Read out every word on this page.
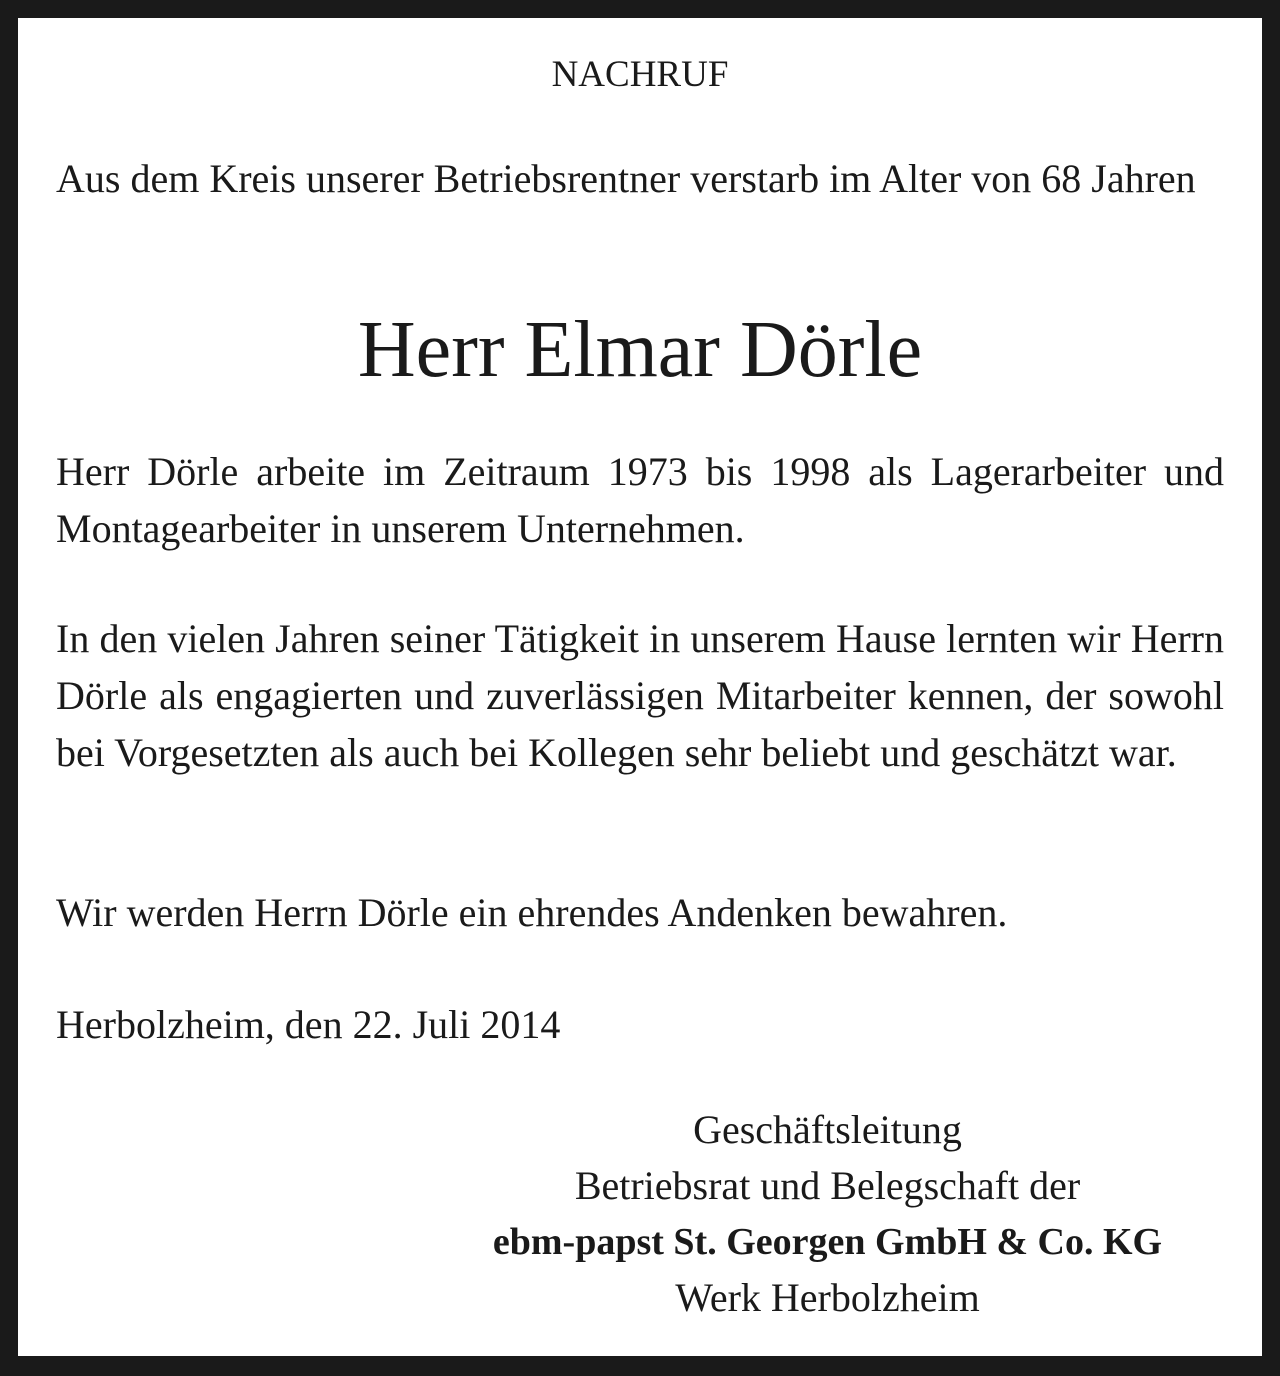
NACHRUF
Aus dem Kreis unserer Betriebsrentner verstarb im Alter von 68 Jahren
Herr Elmar Dörle
Herr Dörle arbeite im Zeitraum 1973 bis 1998 als Lagerarbeiter und Montagearbeiter in unserem Unternehmen.
In den vielen Jahren seiner Tätigkeit in unserem Hause lernten wir Herrn Dörle als engagierten und zuverlässigen Mitarbeiter kennen, der sowohl bei Vorgesetzten als auch bei Kollegen sehr beliebt und geschätzt war.
Wir werden Herrn Dörle ein ehrendes Andenken bewahren.
Herbolzheim, den 22. Juli 2014
Geschäftsleitung
Betriebsrat und Belegschaft der
ebm-papst St. Georgen GmbH & Co. KG
Werk Herbolzheim
